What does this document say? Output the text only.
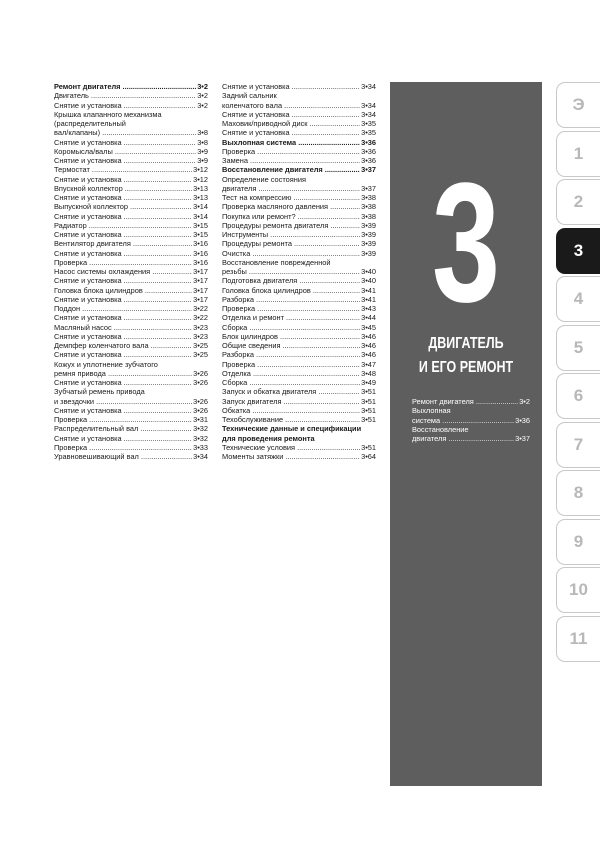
Ремонт двигателя .....	3•2
Двигатель .....	3•2
Снятие и установка .....	3•2
Крышка клапанного механизма
(распределительный
вал/клапаны) .....	3•8
Снятие и установка .....	3•8
Коромысла/валы .....	3•9
Снятие и установка .....	3•9
Термостат .....	3•12
Снятие и установка .....	3•12
Впускной коллектор .....	3•13
Снятие и установка .....	3•13
Выпускной коллектор .....	3•14
Снятие и установка .....	3•14
Радиатор .....	3•15
Снятие и установка .....	3•15
Вентилятор двигателя .....	3•16
Снятие и установка .....	3•16
Проверка .....	3•16
Насос системы охлаждения .....	3•17
Снятие и установка .....	3•17
Головка блока цилиндров .....	3•17
Снятие и установка .....	3•17
Поддон .....	3•22
Снятие и установка .....	3•22
Масляный насос .....	3•23
Снятие и установка .....	3•23
Демпфер коленчатого вала .....	3•25
Снятие и установка .....	3•25
Кожух и уплотнение зубчатого
ремня привода .....	3•26
Снятие и установка .....	3•26
Зубчатый ремень привода
и звездочки .....	3•26
Снятие и установка .....	3•26
Проверка .....	3•31
Распределительный вал .....	3•32
Снятие и установка .....	3•32
Проверка .....	3•33
Уравновешивающий вал .....	3•34
Снятие и установка .....	3•34
Задний сальник
коленчатого вала .....	3•34
Снятие и установка .....	3•34
Маховик/приводной диск .....	3•35
Снятие и установка .....	3•35
Выхлопная система .....	3•36
Проверка .....	3•36
Замена .....	3•36
Восстановление двигателя .....	3•37
Определение состояния
двигателя .....	3•37
Тест на компрессию .....	3•38
Проверка масляного давления .....	3•38
Покупка или ремонт? .....	3•38
Процедуры ремонта двигателя .....	3•39
Инструменты .....	3•39
Процедуры ремонта .....	3•39
Очистка .....	3•39
Восстановление поврежденной
резьбы .....	3•40
Подготовка двигателя .....	3•40
Головка блока цилиндров .....	3•41
Разборка .....	3•41
Проверка .....	3•43
Отделка и ремонт .....	3•44
Сборка .....	3•45
Блок цилиндров .....	3•46
Общие сведения .....	3•46
Разборка .....	3•46
Проверка .....	3•47
Отделка .....	3•48
Сборка .....	3•49
Запуск и обкатка двигателя .....	3•51
Запуск двигателя .....	3•51
Обкатка .....	3•51
Техобслуживание .....	3•51
Технические данные и спецификации
для проведения ремонта
Технические условия .....	3•51
Моменты затяжки .....	3•64
3
ДВИГАТЕЛЬ
И ЕГО РЕМОНТ
Ремонт двигателя .....	3•2
Выхлопная
система .....	3•36
Восстановление
двигателя .....	3•37
Э
1
2
3
4
5
6
7
8
9
10
11
